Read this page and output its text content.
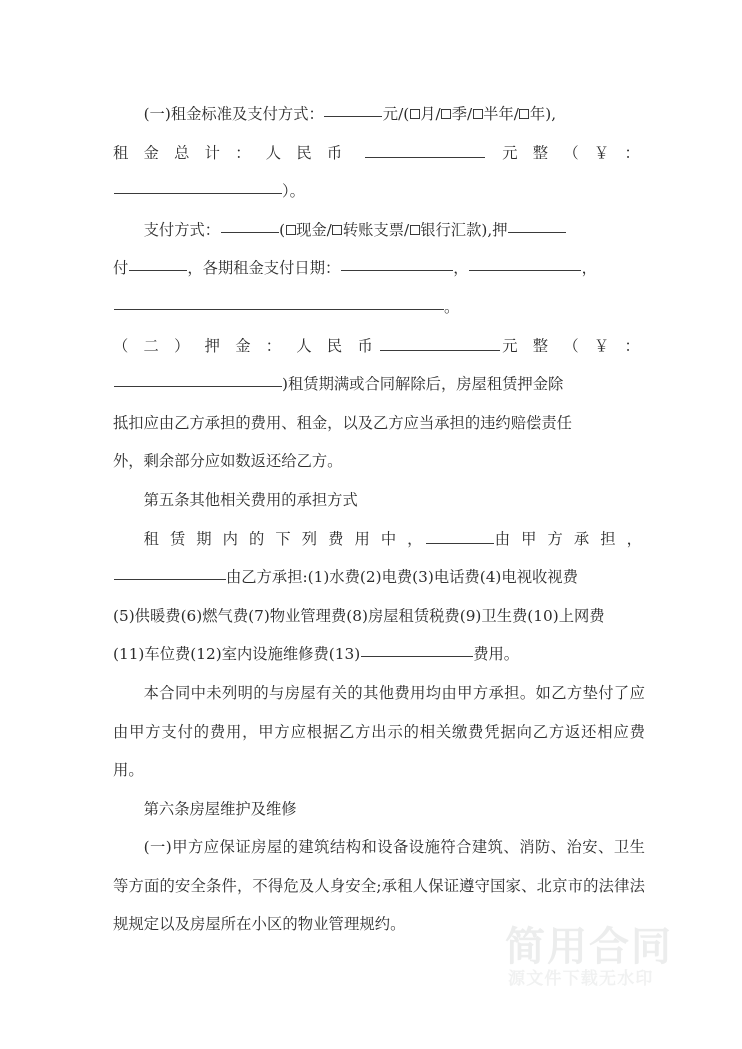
(一)租金标准及支付方式：	元/( 月/ 季/ 半年/ 年),
租 金 总 计 ： 人 民 币	元 整 （ ￥ ：
）。
支付方式：	( 现金/ 转账支票/ 银行汇款),押
付	，各期租金支付日期：	，	，
。
（ 二 ） 押 金 ： 人 民 币	元 整 （ ￥ ：
)租赁期满或合同解除后，房屋租赁押金除
抵扣应由乙方承担的费用、租金，以及乙方应当承担的违约赔偿责任
外，剩余部分应如数返还给乙方。
第五条其他相关费用的承担方式
租 赁 期 内 的 下 列 费 用 中 ，	由 甲 方 承 担 ，
由乙方承担:(1)水费(2)电费(3)电话费(4)电视收视费
(5)供暖费(6)燃气费(7)物业管理费(8)房屋租赁税费(9)卫生费(10)上网费
(11)车位费(12)室内设施维修费(13)	费用。

本合同中未列明的与房屋有关的其他费用均由甲方承担。如乙方垫付了应由甲方支付的费用，甲方应根据乙方出示的相关缴费凭据向乙方返还相应费用。

第六条房屋维护及维修

(一)甲方应保证房屋的建筑结构和设备设施符合建筑、消防、治安、卫生等方面的安全条件，不得危及人身安全;承租人保证遵守国家、北京市的法律法规规定以及房屋所在小区的物业管理规约。	简用合同
源文件下载无水印
